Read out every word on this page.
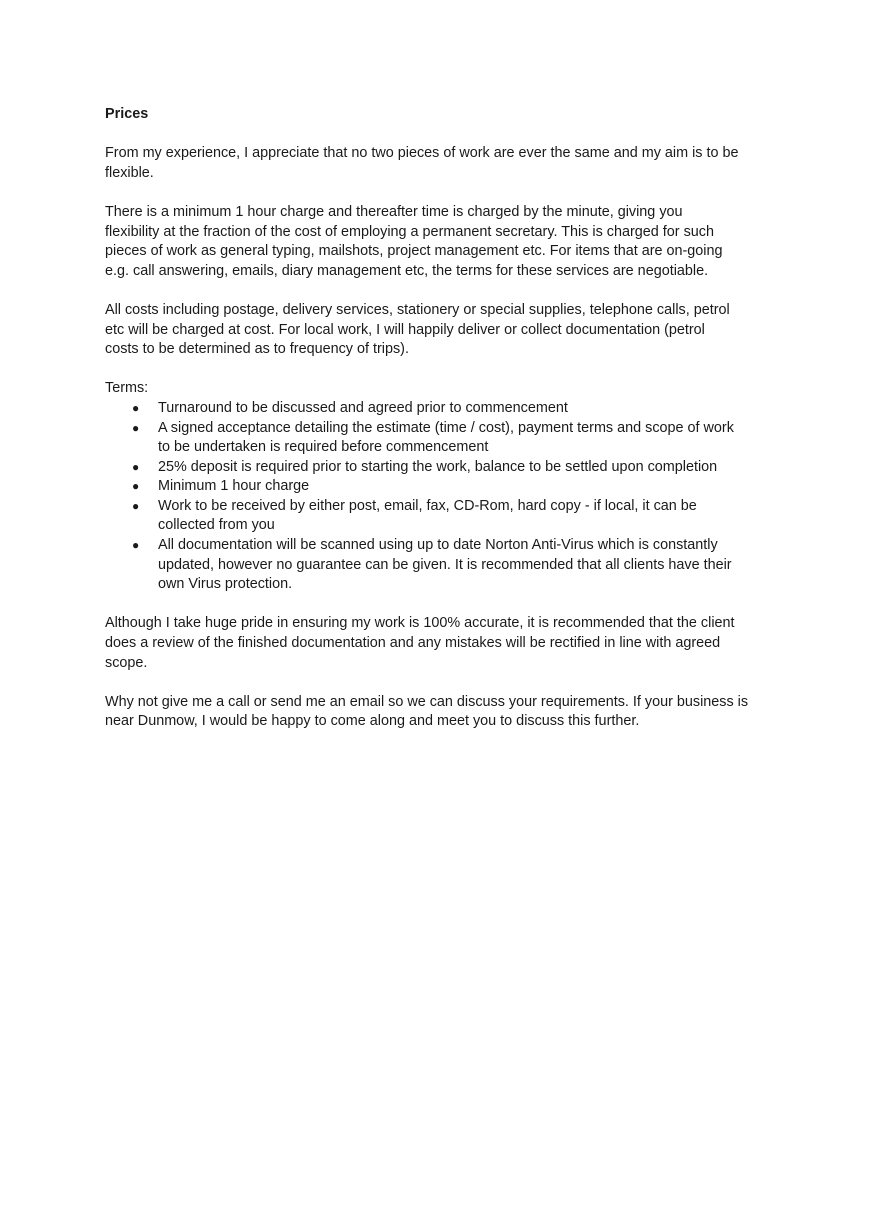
Prices

From my experience, I appreciate that no two pieces of work are ever the same and my aim is to be
flexible.

There is a minimum 1 hour charge and thereafter time is charged by the minute, giving you
flexibility at the fraction of the cost of employing a permanent secretary. This is charged for such
pieces of work as general typing, mailshots, project management etc. For items that are on-going
e.g. call answering, emails, diary management etc, the terms for these services are negotiable.

All costs including postage, delivery services, stationery or special supplies, telephone calls, petrol
etc will be charged at cost. For local work, I will happily deliver or collect documentation (petrol
costs to be determined as to frequency of trips).

Terms:
● Turnaround to be discussed and agreed prior to commencement
● A signed acceptance detailing the estimate (time / cost), payment terms and scope of work
to be undertaken is required before commencement
● 25% deposit is required prior to starting the work, balance to be settled upon completion
● Minimum 1 hour charge
● Work to be received by either post, email, fax, CD-Rom, hard copy - if local, it can be
collected from you
● All documentation will be scanned using up to date Norton Anti-Virus which is constantly
updated, however no guarantee can be given. It is recommended that all clients have their
own Virus protection.

Although I take huge pride in ensuring my work is 100% accurate, it is recommended that the client
does a review of the finished documentation and any mistakes will be rectified in line with agreed
scope.

Why not give me a call or send me an email so we can discuss your requirements. If your business is
near Dunmow, I would be happy to come along and meet you to discuss this further.
